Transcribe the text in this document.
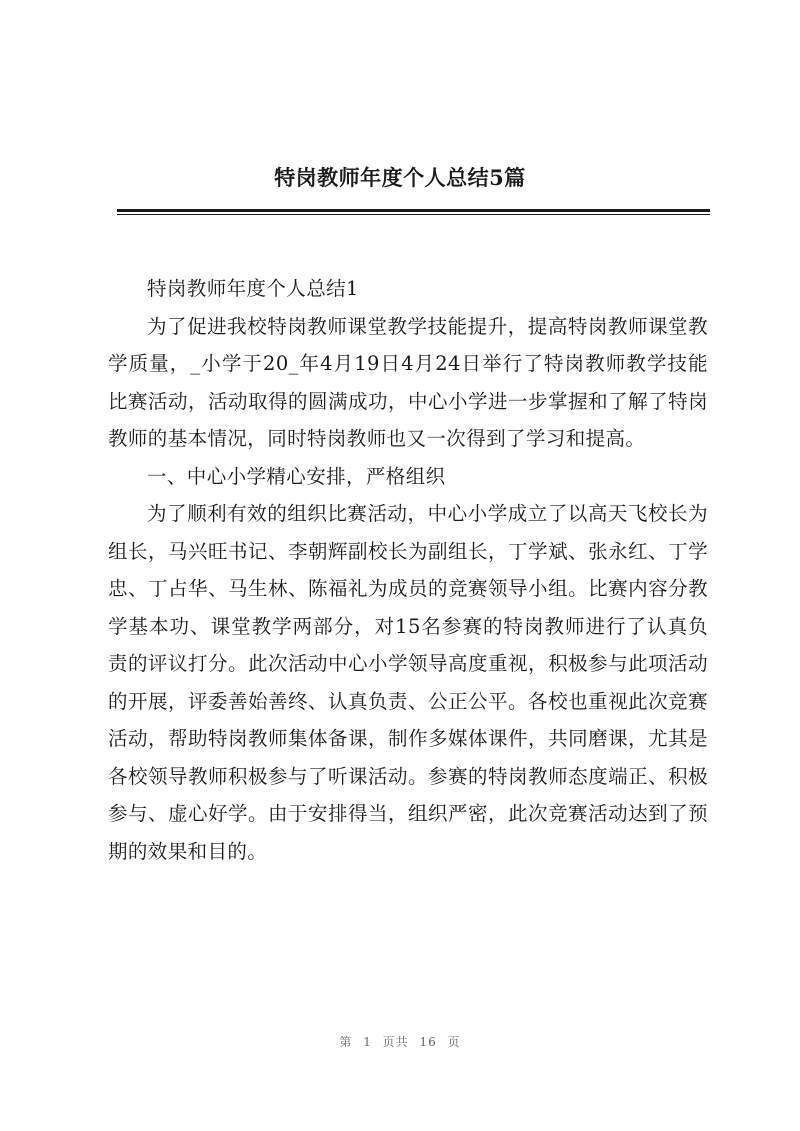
特岗教师年度个人总结5篇

特岗教师年度个人总结1

为了促进我校特岗教师课堂教学技能提升，提高特岗教师课堂教学质量，_小学于20_年4月19日4月24日举行了特岗教师教学技能比赛活动，活动取得的圆满成功，中心小学进一步掌握和了解了特岗教师的基本情况，同时特岗教师也又一次得到了学习和提高。

一、中心小学精心安排，严格组织

为了顺利有效的组织比赛活动，中心小学成立了以高天飞校长为组长，马兴旺书记、李朝辉副校长为副组长，丁学斌、张永红、丁学忠、丁占华、马生林、陈福礼为成员的竞赛领导小组。比赛内容分教学基本功、课堂教学两部分，对15名参赛的特岗教师进行了认真负责的评议打分。此次活动中心小学领导高度重视，积极参与此项活动的开展，评委善始善终、认真负责、公正公平。各校也重视此次竞赛活动，帮助特岗教师集体备课，制作多媒体课件，共同磨课，尤其是各校领导教师积极参与了听课活动。参赛的特岗教师态度端正、积极参与、虚心好学。由于安排得当，组织严密，此次竞赛活动达到了预期的效果和目的。

第 1 页共 16 页
